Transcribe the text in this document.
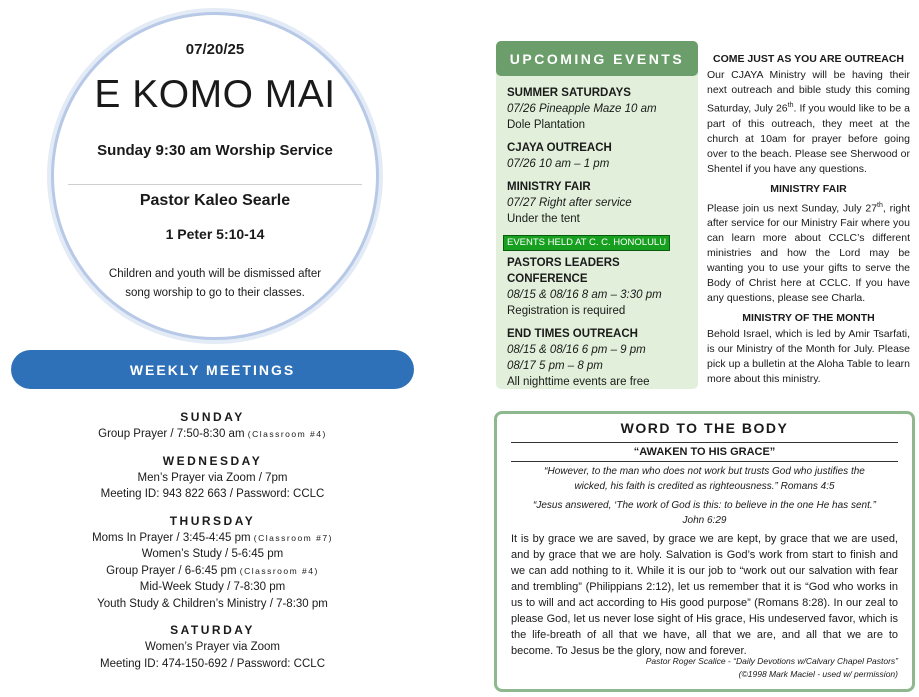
07/20/25
E KOMO MAI
Sunday 9:30 am Worship Service
Pastor Kaleo Searle
1 Peter 5:10-14
Children and youth will be dismissed after
song worship to go to their classes.
WEEKLY MEETINGS
SUNDAY
Group Prayer / 7:50-8:30 am (Classroom #4)
WEDNESDAY
Men’s Prayer via Zoom / 7pm
Meeting ID: 943 822 663 / Password: CCLC
THURSDAY
Moms In Prayer / 3:45-4:45 pm (Classroom #7)
Women’s Study / 5-6:45 pm
Group Prayer / 6-6:45 pm (Classroom #4)
Mid-Week Study / 7-8:30 pm
Youth Study & Children’s Ministry / 7-8:30 pm
SATURDAY
Women’s Prayer via Zoom
Meeting ID: 474-150-692 / Password: CCLC
UPCOMING EVENTS
SUMMER SATURDAYS
07/26 Pineapple Maze 10 am
Dole Plantation
CJAYA OUTREACH
07/26 10 am – 1 pm
MINISTRY FAIR
07/27 Right after service
Under the tent
EVENTS HELD AT C. C. HONOLULU
PASTORS LEADERS CONFERENCE
08/15 & 08/16 8 am – 3:30 pm
Registration is required
END TIMES OUTREACH
08/15 & 08/16 6 pm – 9 pm
08/17 5 pm – 8 pm
All nighttime events are free
COME JUST AS YOU ARE OUTREACH
Our CJAYA Ministry will be having their next outreach and bible study this coming Saturday, July 26th. If you would like to be a part of this outreach, they meet at the church at 10am for prayer before going over to the beach. Please see Sherwood or Shentel if you have any questions.
MINISTRY FAIR
Please join us next Sunday, July 27th, right after service for our Ministry Fair where you can learn more about CCLC’s different ministries and how the Lord may be wanting you to use your gifts to serve the Body of Christ here at CCLC. If you have any questions, please see Charla.
MINISTRY OF THE MONTH
Behold Israel, which is led by Amir Tsarfati, is our Ministry of the Month for July. Please pick up a bulletin at the Aloha Table to learn more about this ministry.
WORD TO THE BODY
“AWAKEN TO HIS GRACE”
“However, to the man who does not work but trusts God who justifies the
wicked, his faith is credited as righteousness.” Romans 4:5
“Jesus answered, ‘The work of God is this: to believe in the one He has sent.”
John 6:29
It is by grace we are saved, by grace we are kept, by grace that we are used, and by grace that we are holy. Salvation is God’s work from start to finish and we can add nothing to it. While it is our job to “work out our salvation with fear and trembling” (Philippians 2:12), let us remember that it is “God who works in us to will and act according to His good purpose” (Romans 8:28). In our zeal to please God, let us never lose sight of His grace, His undeserved favor, which is the life-breath of all that we have, all that we are, and all that we are to become. To Jesus be the glory, now and forever.
Pastor Roger Scalice - “Daily Devotions w/Calvary Chapel Pastors”
(©1998 Mark Maciel - used w/ permission)
